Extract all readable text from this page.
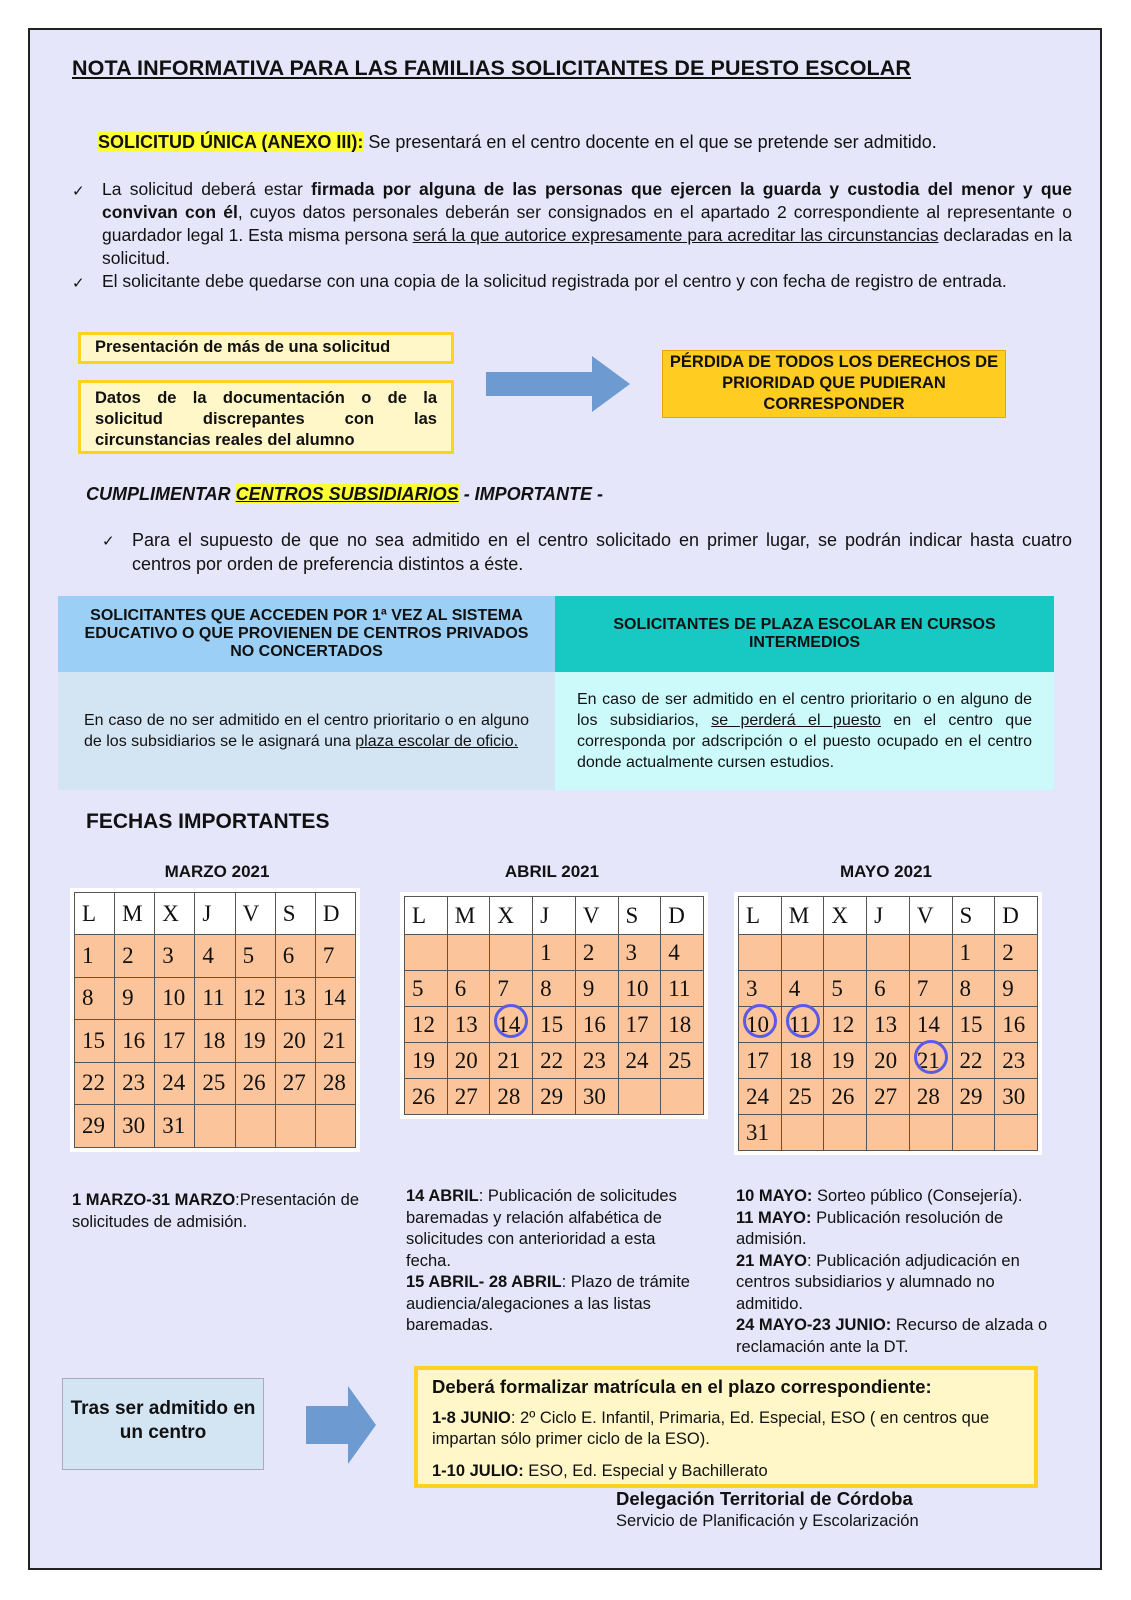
NOTA INFORMATIVA PARA LAS FAMILIAS SOLICITANTES DE PUESTO ESCOLAR
SOLICITUD ÚNICA (ANEXO III): Se presentará en el centro docente en el que se pretende ser admitido.
✓ La solicitud deberá estar firmada por alguna de las personas que ejercen la guarda y custodia del menor y que convivan con él, cuyos datos personales deberán ser consignados en el apartado 2 correspondiente al representante o guardador legal 1. Esta misma persona será la que autorice expresamente para acreditar las circunstancias declaradas en la solicitud.
✓ El solicitante debe quedarse con una copia de la solicitud registrada por el centro y con fecha de registro de entrada.
Presentación de más de una solicitud
Datos de la documentación o de la solicitud discrepantes con las circunstancias reales del alumno
PÉRDIDA DE TODOS LOS DERECHOS DE PRIORIDAD QUE PUDIERAN CORRESPONDER
CUMPLIMENTAR CENTROS SUBSIDIARIOS - IMPORTANTE -
✓ Para el supuesto de que no sea admitido en el centro solicitado en primer lugar, se podrán indicar hasta cuatro centros por orden de preferencia distintos a éste.
SOLICITANTES QUE ACCEDEN POR 1ª VEZ AL SISTEMA EDUCATIVO O QUE PROVIENEN DE CENTROS PRIVADOS NO CONCERTADOS	SOLICITANTES DE PLAZA ESCOLAR EN CURSOS INTERMEDIOS
En caso de no ser admitido en el centro prioritario o en alguno de los subsidiarios se le asignará una plaza escolar de oficio.	En caso de ser admitido en el centro prioritario o en alguno de los subsidiarios, se perderá el puesto en el centro que corresponda por adscripción o el puesto ocupado en el centro donde actualmente cursen estudios.
FECHAS IMPORTANTES
MARZO 2021	ABRIL 2021	MAYO 2021
L	M	X	J	V	S	D
1	2	3	4	5	6	7
8	9	10	11	12	13	14
15	16	17	18	19	20	21
22	23	24	25	26	27	28
29	30	31				
L	M	X	J	V	S	D
			1	2	3	4
5	6	7	8	9	10	11
12	13	14	15	16	17	18
19	20	21	22	23	24	25
26	27	28	29	30		
L	M	X	J	V	S	D
					1	2
3	4	5	6	7	8	9
10	11	12	13	14	15	16
17	18	19	20	21	22	23
24	25	26	27	28	29	30
31						
1 MARZO-31 MARZO:Presentación de solicitudes de admisión.
14 ABRIL: Publicación de solicitudes baremadas y relación alfabética de solicitudes con anterioridad a esta fecha.
15 ABRIL- 28 ABRIL: Plazo de trámite audiencia/alegaciones a las listas baremadas.
10 MAYO: Sorteo público (Consejería).
11 MAYO: Publicación resolución de admisión.
21 MAYO: Publicación adjudicación en centros subsidiarios y alumnado no admitido.
24 MAYO-23 JUNIO: Recurso de alzada o reclamación ante la DT.
Tras ser admitido en un centro
Deberá formalizar matrícula en el plazo correspondiente:
1-8 JUNIO: 2º Ciclo E. Infantil, Primaria, Ed. Especial, ESO ( en centros que impartan sólo primer ciclo de la ESO).
1-10 JULIO: ESO, Ed. Especial y Bachillerato
Delegación Territorial de Córdoba
Servicio de Planificación y Escolarización
